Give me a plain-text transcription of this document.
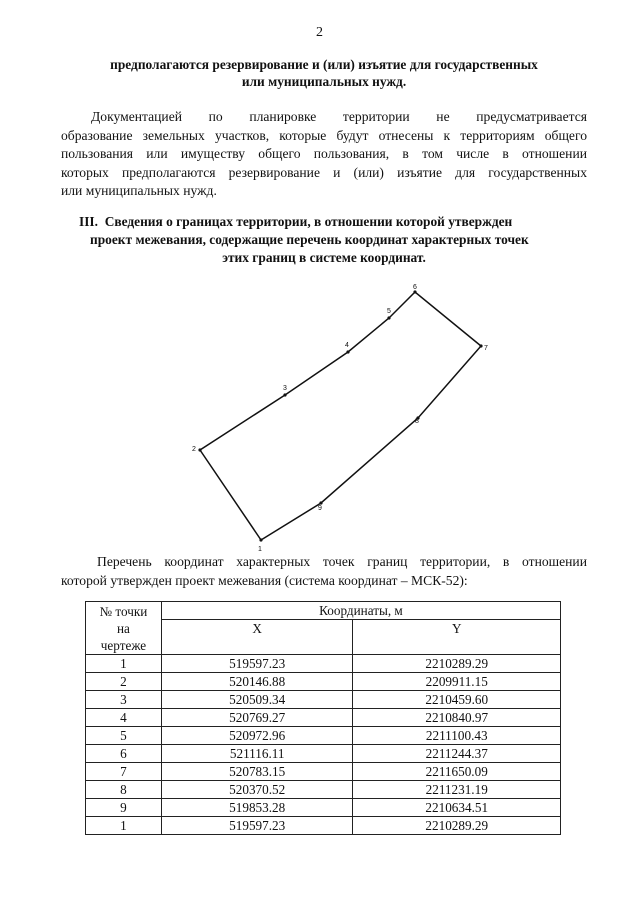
2
предполагаются резервирование и (или) изъятие для государственных
или муниципальных нужд.
Документацией по планировке территории не предусматривается
образование земельных участков, которые будут отнесены к территориям общего
пользования или имуществу общего пользования, в том числе в отношении
которых предполагаются резервирование и (или) изъятие для государственных
или муниципальных нужд.
III. Сведения о границах территории, в отношении которой утвержден
проект межевания, содержащие перечень координат характерных точек
этих границ в системе координат.
1
2
3
4
5
6
7
8
9
Перечень координат характерных точек границ территории, в отношении
которой утвержден проект межевания (система координат – МСК-52):
№ точки
на
чертеже	Координаты, м	
	X	Y
1	519597.23	2210289.29
2	520146.88	2209911.15
3	520509.34	2210459.60
4	520769.27	2210840.97
5	520972.96	2211100.43
6	521116.11	2211244.37
7	520783.15	2211650.09
8	520370.52	2211231.19
9	519853.28	2210634.51
1	519597.23	2210289.29
